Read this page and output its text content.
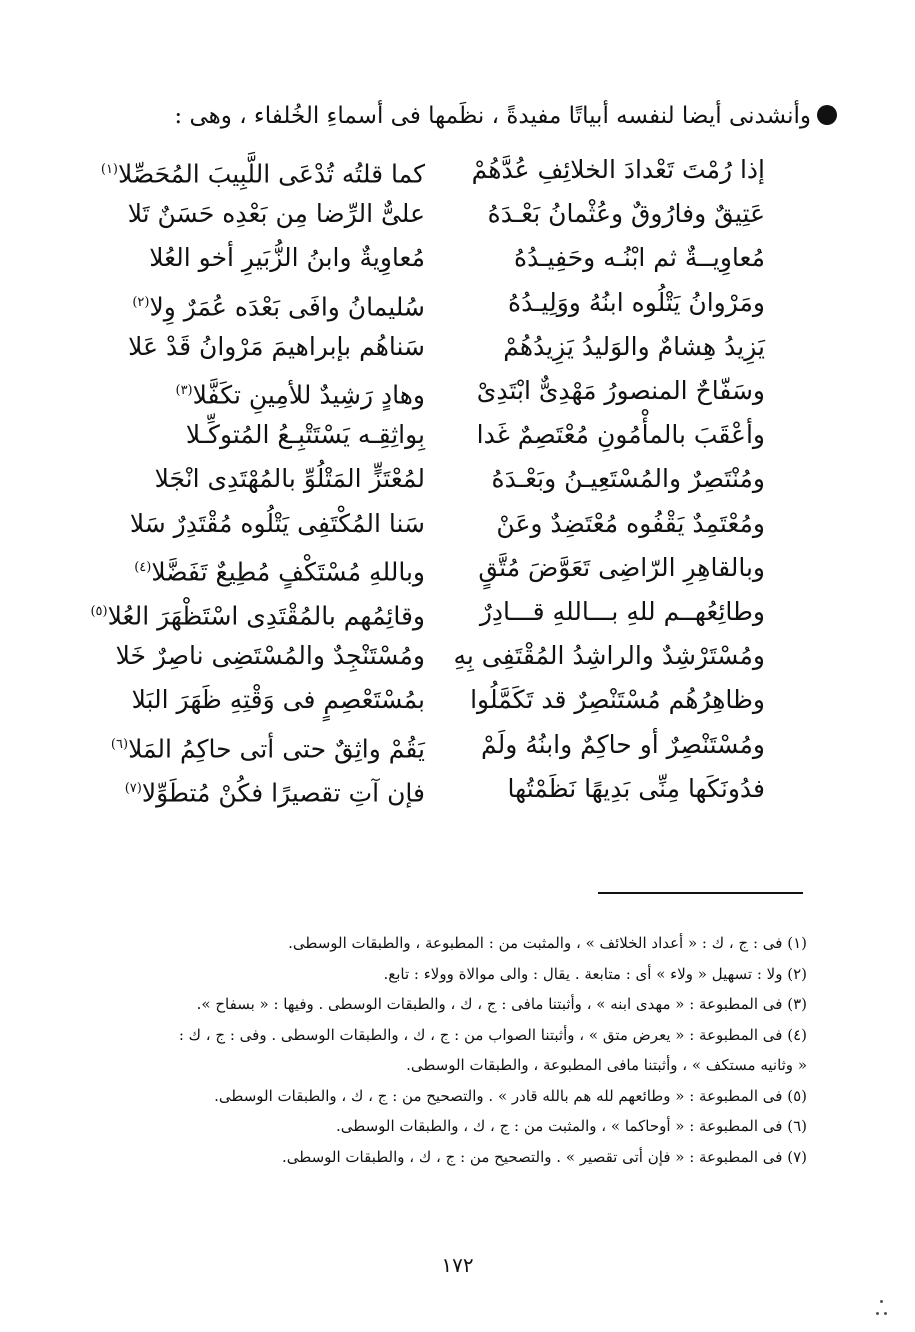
وأنشدنى أيضا لنفسه أبياتًا مفيدةً ، نظَمها فى أسماءِ الخُلفاء ، وهى :
إذا رُمْتَ تَعْدادَ الخلائِفِ عُدَّهُمْ
كما قلتُه تُدْعَى اللَّبِيبَ المُحَصِّلا$^{(١)}$
عَتِيقٌ وفارُوقٌ وعُثْمانُ بَعْـدَهُ
علىٌّ الرِّضا مِن بَعْدِه حَسَنٌ تَلا
مُعاوِيــةٌ ثم ابْنُـه وحَفِيـدُهُ
مُعاوِيةٌ وابنُ الزُّبَيرِ أخو العُلا
ومَرْوانُ يَتْلُوه ابنُهُ ووَلِيـدُهُ
سُليمانُ وافَى بَعْدَه عُمَرٌ وِلا$^{(٢)}$
يَزِيدُ هِشامٌ والوَليدُ يَزِيدُهُمْ
سَناهُم بإبراهيمَ مَرْوانُ قَدْ عَلا
وسَفّاحٌ المنصورُ مَهْدِىٌّ ابْتَدِىْ
وهادٍ رَشِيدٌ للأمِينِ تكَفَّلا$^{(٣)}$
وأعْقَبَ بالمأْمُونِ مُعْتَصِمٌ غَدا
بِواثِقِـه يَسْتَتْبِـعُ المُتوكِّـلا
ومُنْتَصِرٌ والمُسْتَعِيـنُ وبَعْـدَهُ
لمُعْتَزٍّ المَتْلُوِّ بالمُهْتَدِى انْجَلا
ومُعْتَمِدٌ يَقْفُوه مُعْتَضِدٌ وعَنْ
سَنا المُكْتَفِى يَتْلُوه مُقْتَدِرٌ سَلا
وبالقاهِرِ الرّاضِى تَعَوَّضَ مُتَّقٍ
وباللهِ مُسْتَكْفٍ مُطِيعٌ تَفَضَّلا$^{(٤)}$
وطائِعُهــم للهِ بـــاللهِ قـــادِرٌ
وقائِمُهم بالمُقْتَدِى اسْتَظْهَرَ العُلا$^{(٥)}$
ومُسْتَرْشِدٌ والراشِدُ المُقْتَفِى بِهِ
ومُسْتَنْجِدٌ والمُسْتَضِى ناصِرٌ خَلا
وظاهِرُهُم مُسْتَنْصِرٌ قد تَكَمَّلُوا
بمُسْتَعْصِمٍ فى وَقْتِهِ ظَهَرَ البَلا
ومُسْتَنْصِرٌ أو حاكِمٌ وابنُهُ ولَمْ
يَقُمْ واثِقٌ حتى أتى حاكِمُ المَلا$^{(٦)}$
فدُونَكَها مِنِّى بَدِيهًا نَظَمْتُها
فإن آتِ تقصيرًا فكُنْ مُتطَوِّلا$^{(٧)}$
(١) فى : ج ، ك : « أعداد الخلائف » ، والمثبت من : المطبوعة ، والطبقات الوسطى.
(٢) ولا : تسهيل « ولاء » أى : متابعة . يقال : والى موالاة وولاء : تابع.
(٣) فى المطبوعة : « مهدى ابنه » ، وأثبتنا مافى : ج ، ك ، والطبقات الوسطى . وفيها : « بسفاح ».
(٤) فى المطبوعة : « يعرض متق » ، وأثبتنا الصواب من : ج ، ك ، والطبقات الوسطى . وفى : ج ، ك :
« وثانيه مستكف » ، وأثبتنا مافى المطبوعة ، والطبقات الوسطى.
(٥) فى المطبوعة : « وطائعهم لله هم بالله قادر » . والتصحيح من : ج ، ك ، والطبقات الوسطى.
(٦) فى المطبوعة : « أوحاكما » ، والمثبت من : ج ، ك ، والطبقات الوسطى.
(٧) فى المطبوعة : « فإن أتى تقصير » . والتصحيح من : ج ، ك ، والطبقات الوسطى.
١٧٢
